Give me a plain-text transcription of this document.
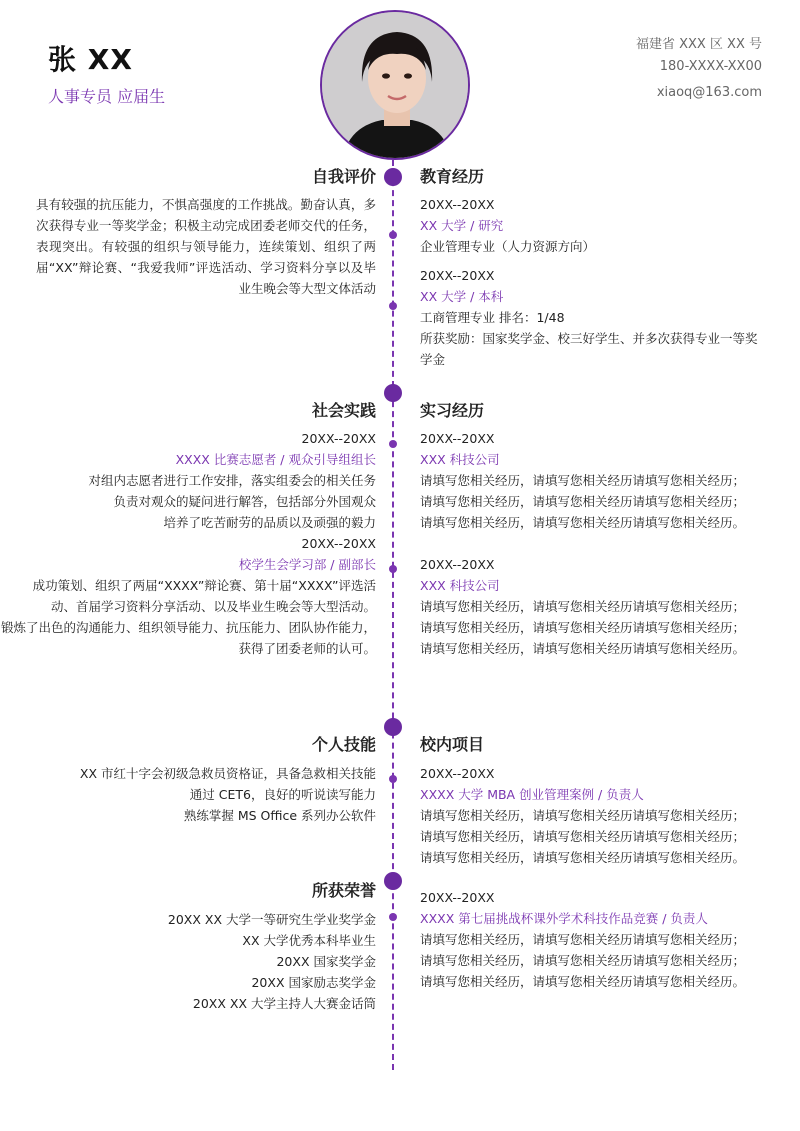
张 XX
人事专员 应届生
福建省 XXX 区 XX 号
180-XXXX-XX00
xiaoq@163.com
自我评价
具有较强的抗压能力，不惧高强度的工作挑战。勤奋认真，多次获得专业一等奖学金；积极主动完成团委老师交代的任务，表现突出。有较强的组织与领导能力，连续策划、组织了两届“XX”辩论赛、“我爱我师”评选活动、学习资料分享以及毕业生晚会等大型文体活动
教育经历
20XX--20XX
XX 大学 / 研究
企业管理专业（人力资源方向）
20XX--20XX
XX 大学 / 本科
工商管理专业 排名：1/48
所获奖励：国家奖学金、校三好学生、并多次获得专业一等奖学金
社会实践
20XX--20XX
XXXX 比赛志愿者 / 观众引导组组长
对组内志愿者进行工作安排，落实组委会的相关任务
负责对观众的疑问进行解答，包括部分外国观众
培养了吃苦耐劳的品质以及顽强的毅力
20XX--20XX
校学生会学习部 / 副部长
成功策划、组织了两届“XXXX”辩论赛、第十届“XXXX”评选活
动、首届学习资料分享活动、以及毕业生晚会等大型活动。
锻炼了出色的沟通能力、组织领导能力、抗压能力、团队协作能力，
获得了团委老师的认可。
实习经历
20XX--20XX
XXX 科技公司
请填写您相关经历，请填写您相关经历请填写您相关经历；
请填写您相关经历，请填写您相关经历请填写您相关经历；
请填写您相关经历，请填写您相关经历请填写您相关经历。
20XX--20XX
XXX 科技公司
请填写您相关经历，请填写您相关经历请填写您相关经历；
请填写您相关经历，请填写您相关经历请填写您相关经历；
请填写您相关经历，请填写您相关经历请填写您相关经历。
个人技能
XX 市红十字会初级急救员资格证，具备急救相关技能
通过 CET6，良好的听说读写能力
熟练掌握 MS Office 系列办公软件
校内项目
20XX--20XX
XXXX 大学 MBA 创业管理案例 / 负责人
请填写您相关经历，请填写您相关经历请填写您相关经历；
请填写您相关经历，请填写您相关经历请填写您相关经历；
请填写您相关经历，请填写您相关经历请填写您相关经历。
20XX--20XX
XXXX 第七届挑战杯课外学术科技作品竞赛 / 负责人
请填写您相关经历，请填写您相关经历请填写您相关经历；
请填写您相关经历，请填写您相关经历请填写您相关经历；
请填写您相关经历，请填写您相关经历请填写您相关经历。
所获荣誉
20XX XX 大学一等研究生学业奖学金
XX 大学优秀本科毕业生
20XX 国家奖学金
20XX 国家励志奖学金
20XX XX 大学主持人大赛金话筒
